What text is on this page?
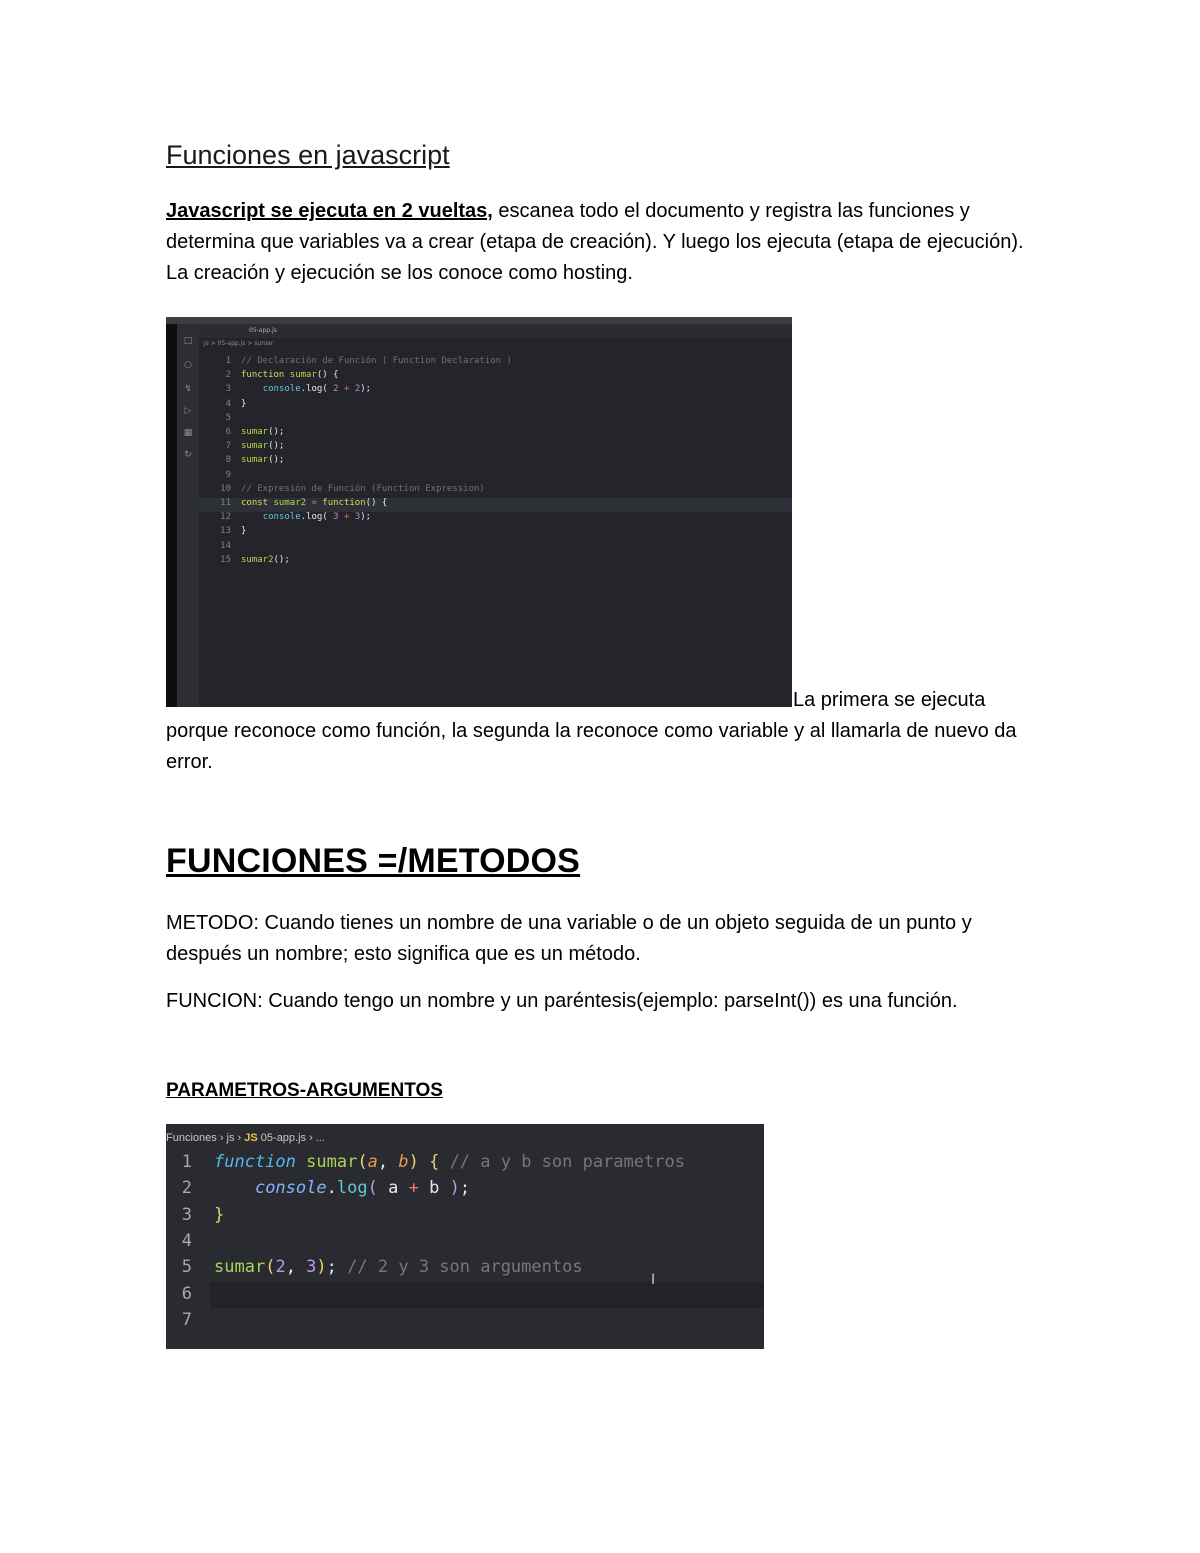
Funciones en javascript

Javascript se ejecuta en 2 vueltas, escanea todo el documento y registra las funciones y determina que variables va a crear (etapa de creación). Y luego los ejecuta (etapa de ejecución). La creación y ejecución se los conoce como hosting.

□
○
↯
▷
▦
↻
05-app.js
js > 05-app.js > sumar
1 // Declaración de Función ( Function Declaration )
2 function sumar() {
3	console.log( 2 + 2);
4 }
5
6 sumar();
7 sumar();
8 sumar();
9
10 // Expresión de Función (Function Expression)
11 const sumar2 = function() {
12	console.log( 3 + 3);
13 }
14
15 sumar2();

La primera se ejecuta porque reconoce como función, la segunda la reconoce como variable y al llamarla de nuevo da error.

FUNCIONES =/METODOS

METODO: Cuando tienes un nombre de una variable o de un objeto seguida de un punto y después un nombre; esto significa que es un método.

FUNCION: Cuando tengo un nombre y un paréntesis(ejemplo: parseInt()) es una función.

PARAMETROS-ARGUMENTOS
Funciones › js › JS 05-app.js › ...
1 function sumar(a, b) { // a y b son parametros
2	console.log( a + b );
3 }
4
5 sumar(2, 3); // 2 y 3 son argumentos
6
7
I
